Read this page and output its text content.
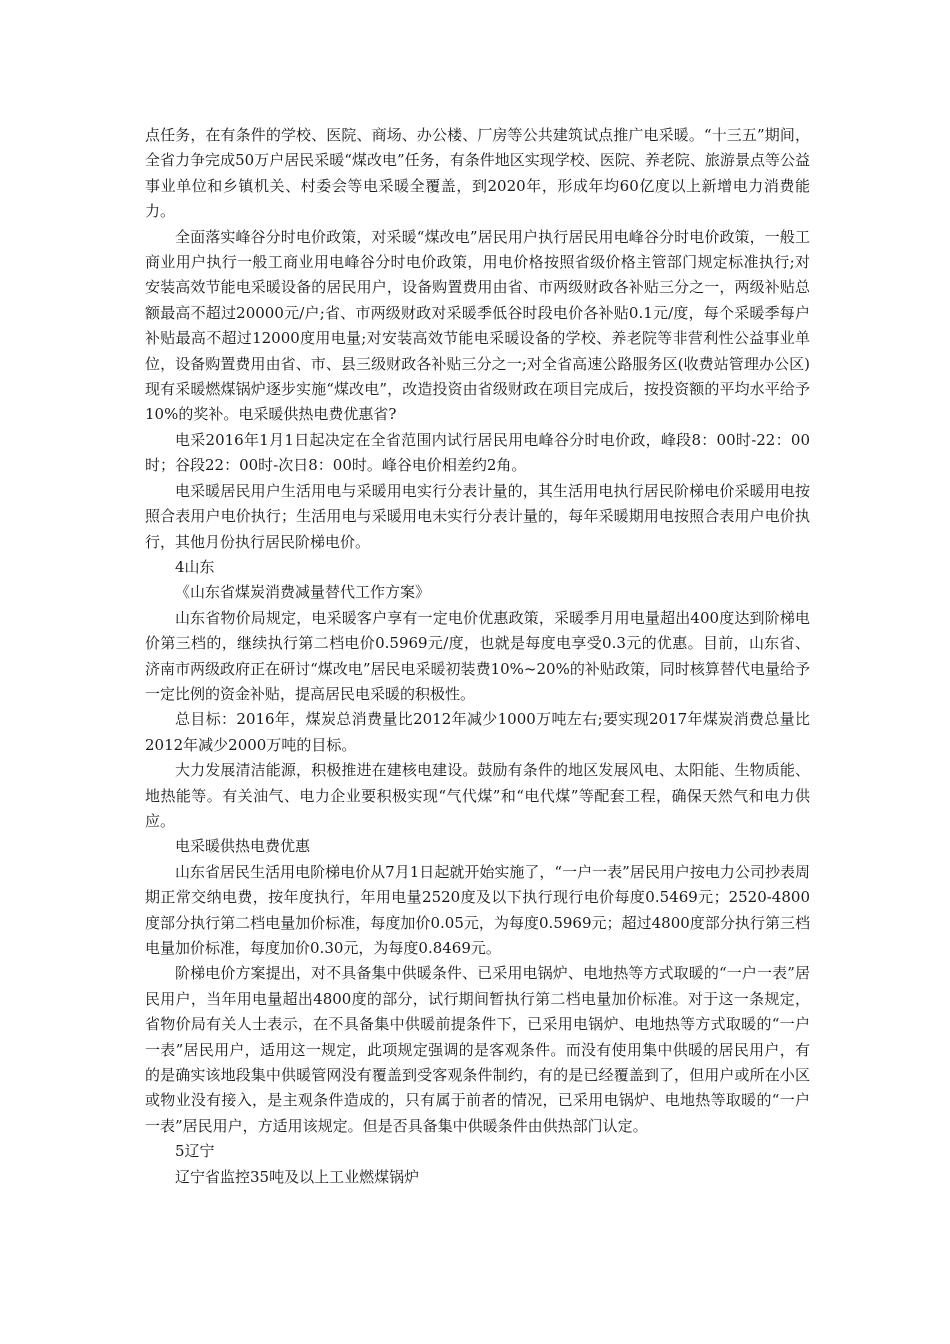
点任务，在有条件的学校、医院、商场、办公楼、厂房等公共建筑试点推广电采暖。“十三五”期间，全省力争完成50万户居民采暖“煤改电”任务，有条件地区实现学校、医院、养老院、旅游景点等公益事业单位和乡镇机关、村委会等电采暖全覆盖，到2020年，形成年均60亿度以上新增电力消费能力。

全面落实峰谷分时电价政策，对采暖“煤改电”居民用户执行居民用电峰谷分时电价政策，一般工商业用户执行一般工商业用电峰谷分时电价政策，用电价格按照省级价格主管部门规定标准执行;对安装高效节能电采暖设备的居民用户，设备购置费用由省、市两级财政各补贴三分之一，两级补贴总额最高不超过20000元/户;省、市两级财政对采暖季低谷时段电价各补贴0.1元/度，每个采暖季每户补贴最高不超过12000度用电量;对安装高效节能电采暖设备的学校、养老院等非营利性公益事业单位，设备购置费用由省、市、县三级财政各补贴三分之一;对全省高速公路服务区(收费站管理办公区)现有采暖燃煤锅炉逐步实施“煤改电”，改造投资由省级财政在项目完成后，按投资额的平均水平给予10%的奖补。电采暖供热电费优惠省?

电采2016年1月1日起决定在全省范围内试行居民用电峰谷分时电价政，峰段8：00时-22：00时；谷段22：00时-次日8：00时。峰谷电价相差约2角。

电采暖居民用户生活用电与采暖用电实行分表计量的，其生活用电执行居民阶梯电价采暖用电按照合表用户电价执行；生活用电与采暖用电未实行分表计量的，每年采暖期用电按照合表用户电价执行，其他月份执行居民阶梯电价。

4山东

《山东省煤炭消费减量替代工作方案》

山东省物价局规定，电采暖客户享有一定电价优惠政策，采暖季月用电量超出400度达到阶梯电价第三档的，继续执行第二档电价0.5969元/度，也就是每度电享受0.3元的优惠。目前，山东省、济南市两级政府正在研讨“煤改电”居民电采暖初装费10%~20%的补贴政策，同时核算替代电量给予一定比例的资金补贴，提高居民电采暖的积极性。

总目标：2016年，煤炭总消费量比2012年减少1000万吨左右;要实现2017年煤炭消费总量比2012年减少2000万吨的目标。

大力发展清洁能源，积极推进在建核电建设。鼓励有条件的地区发展风电、太阳能、生物质能、地热能等。有关油气、电力企业要积极实现“气代煤”和“电代煤”等配套工程，确保天然气和电力供应。

电采暖供热电费优惠

山东省居民生活用电阶梯电价从7月1日起就开始实施了，“一户一表”居民用户按电力公司抄表周期正常交纳电费，按年度执行，年用电量2520度及以下执行现行电价每度0.5469元；2520-4800度部分执行第二档电量加价标准，每度加价0.05元，为每度0.5969元；超过4800度部分执行第三档电量加价标准，每度加价0.30元，为每度0.8469元。

阶梯电价方案提出，对不具备集中供暖条件、已采用电锅炉、电地热等方式取暖的“一户一表”居民用户，当年用电量超出4800度的部分，试行期间暂执行第二档电量加价标准。对于这一条规定，省物价局有关人士表示，在不具备集中供暖前提条件下，已采用电锅炉、电地热等方式取暖的“一户一表”居民用户，适用这一规定，此项规定强调的是客观条件。而没有使用集中供暖的居民用户，有的是确实该地段集中供暖管网没有覆盖到受客观条件制约，有的是已经覆盖到了，但用户或所在小区或物业没有接入，是主观条件造成的，只有属于前者的情况，已采用电锅炉、电地热等取暖的“一户一表”居民用户，方适用该规定。但是否具备集中供暖条件由供热部门认定。

5辽宁

辽宁省监控35吨及以上工业燃煤锅炉
